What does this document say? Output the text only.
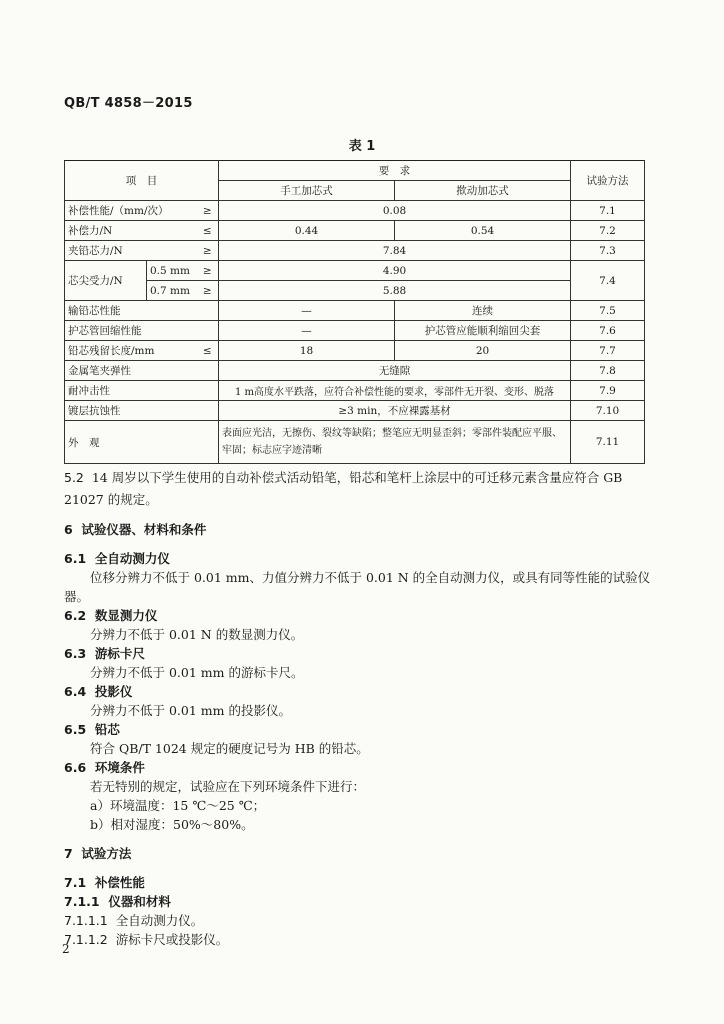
QB/T 4858－2015
表 1
项　目			要　求		试验方法
			手工加芯式	揿动加芯式	
补偿性能/（mm/次）		≥	0.08		7.1
补偿力/N		≤	0.44	0.54	7.2
夹铅芯力/N		≥	7.84		7.3
芯尖受力/N	0.5 mm	≥	4.90		7.4
	0.7 mm	≥	5.88		
输铅芯性能			—	连续	7.5
护芯管回缩性能			—	护芯管应能顺利缩回尖套	7.6
铅芯残留长度/mm		≤	18	20	7.7
金属笔夹弹性			无缝隙		7.8
耐冲击性			1 m高度水平跌落，应符合补偿性能的要求，零部件无开裂、变形、脱落		7.9
镀层抗蚀性			≥3 min，不应裸露基材		7.10
外　观			表面应光洁，无擦伤、裂纹等缺陷；整笔应无明显歪斜；零部件装配应平服、牢固；标志应字迹清晰		7.11
5.2 14 周岁以下学生使用的自动补偿式活动铅笔，铅芯和笔杆上涂层中的可迁移元素含量应符合 GB
21027 的规定。
6 试验仪器、材料和条件
6.1 全自动测力仪
位移分辨力不低于 0.01 mm、力值分辨力不低于 0.01 N 的全自动测力仪，或具有同等性能的试验仪
器。
6.2 数显测力仪
分辨力不低于 0.01 N 的数显测力仪。
6.3 游标卡尺
分辨力不低于 0.01 mm 的游标卡尺。
6.4 投影仪
分辨力不低于 0.01 mm 的投影仪。
6.5 铅芯
符合 QB/T 1024 规定的硬度记号为 HB 的铅芯。
6.6 环境条件
若无特别的规定，试验应在下列环境条件下进行：
a）环境温度：15 ℃～25 ℃；
b）相对湿度：50%～80%。
7 试验方法
7.1 补偿性能
7.1.1 仪器和材料
7.1.1.1 全自动测力仪。
7.1.1.2 游标卡尺或投影仪。
2
